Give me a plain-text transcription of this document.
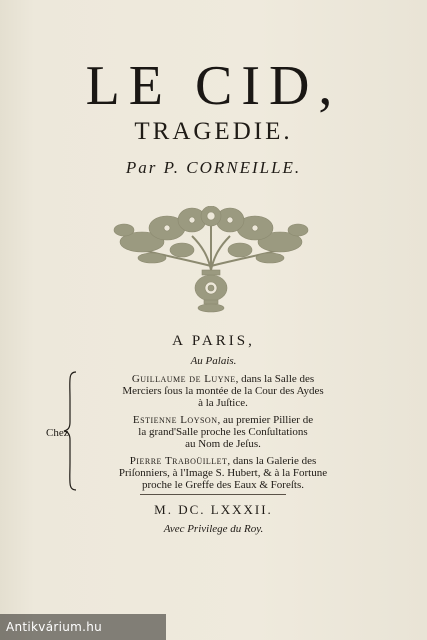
LE CID,
TRAGEDIE.
Par P. CORNEILLE.
A PARIS,
Au Palais.
Chez
Guillaume de Luyne, dans la Salle des
Merciers ſous la montée de la Cour des Aydes
à la Juſtice.
Estienne Loyson, au premier Pillier de
la grand'Salle proche les Conſultations
au Nom de Jeſus.
Pierre Traboüillet, dans la Galerie des
Priſonniers, à l'Image S. Hubert, & à la Fortune
proche le Greffe des Eaux & Foreſts.
M. DC. LXXXII.
Avec Privilege du Roy.
Antikvárium.hu
